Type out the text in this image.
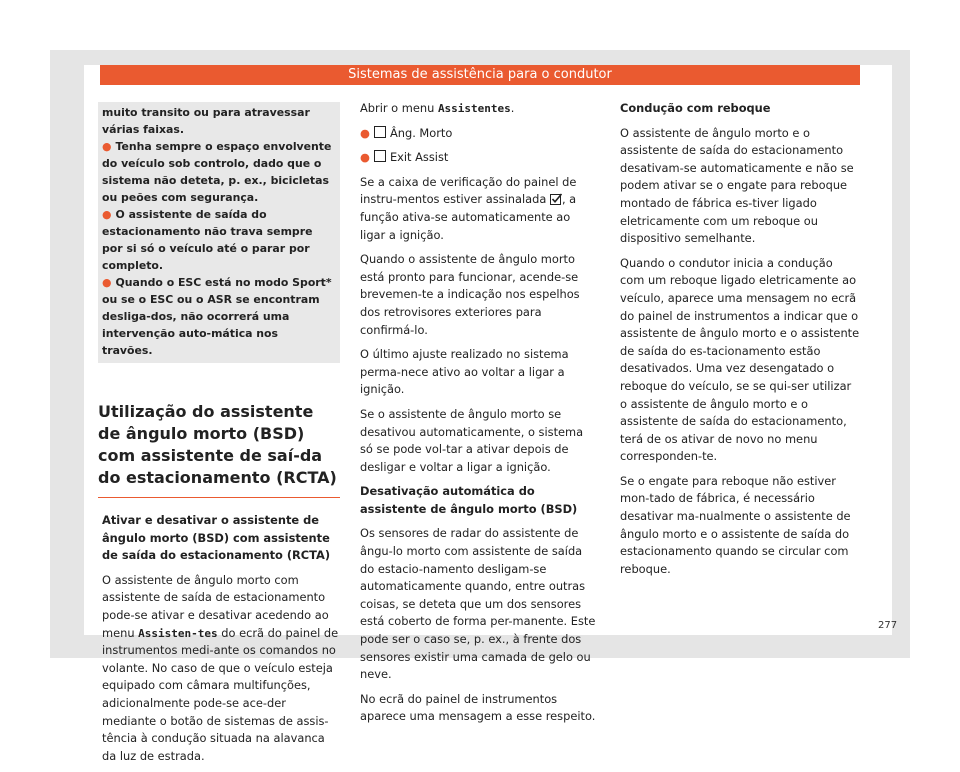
Sistemas de assistência para o condutor

muito transito ou para atravessar várias faixas.

● Tenha sempre o espaço envolvente do veículo sob controlo, dado que o sistema não deteta, p. ex., bicicletas ou peões com segurança.

● O assistente de saída do estacionamento não trava sempre por si só o veículo até o parar por completo.

● Quando o ESC está no modo Sport* ou se o ESC ou o ASR se encontram desliga-dos, não ocorrerá uma intervenção auto-mática nos travões.

Utilização do assistente de ângulo morto (BSD) com assistente de saí-da do estacionamento (RCTA)

Ativar e desativar o assistente de ângulo morto (BSD) com assistente de saída do estacionamento (RCTA)

O assistente de ângulo morto com assistente de saída de estacionamento pode-se ativar e desativar acedendo ao menu Assisten-tes do ecrã do painel de instrumentos medi-ante os comandos no volante. No caso de que o veículo esteja equipado com câmara multifunções, adicionalmente pode-se ace-der mediante o botão de sistemas de assis-tência à condução situada na alavanca da luz de estrada.

Abrir o menu Assistentes.

● Âng. Morto

● Exit Assist

Se a caixa de verificação do painel de instru-mentos estiver assinalada , a função ativa-se automaticamente ao ligar a ignição.

Quando o assistente de ângulo morto está pronto para funcionar, acende-se brevemen-te a indicação nos espelhos dos retrovisores exteriores para confirmá-lo.

O último ajuste realizado no sistema perma-nece ativo ao voltar a ligar a ignição.

Se o assistente de ângulo morto se desativou automaticamente, o sistema só se pode vol-tar a ativar depois de desligar e voltar a ligar a ignição.

Desativação automática do assistente de ângulo morto (BSD)

Os sensores de radar do assistente de ângu-lo morto com assistente de saída do estacio-namento desligam-se automaticamente quando, entre outras coisas, se deteta que um dos sensores está coberto de forma per-manente. Este pode ser o caso se, p. ex., à frente dos sensores existir uma camada de gelo ou neve.

No ecrã do painel de instrumentos aparece uma mensagem a esse respeito.

Condução com reboque

O assistente de ângulo morto e o assistente de saída do estacionamento desativam-se automaticamente e não se podem ativar se o engate para reboque montado de fábrica es-tiver ligado eletricamente com um reboque ou dispositivo semelhante.

Quando o condutor inicia a condução com um reboque ligado eletricamente ao veículo, aparece uma mensagem no ecrã do painel de instrumentos a indicar que o assistente de ângulo morto e o assistente de saída do es-tacionamento estão desativados. Uma vez desengatado o reboque do veículo, se se qui-ser utilizar o assistente de ângulo morto e o assistente de saída do estacionamento, terá de os ativar de novo no menu corresponden-te.

Se o engate para reboque não estiver mon-tado de fábrica, é necessário desativar ma-nualmente o assistente de ângulo morto e o assistente de saída do estacionamento quando se circular com reboque.

277
